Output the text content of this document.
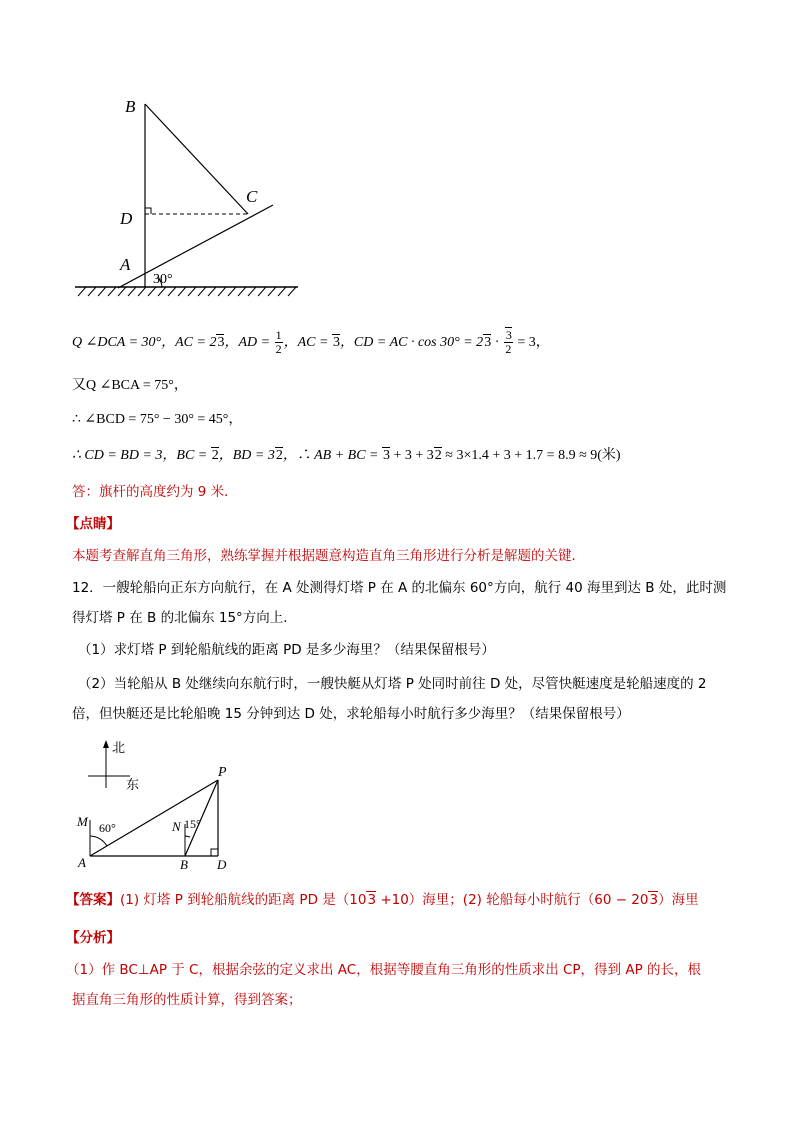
B
C
D
A
30°
Q ∠DCA = 30°，AC = 23，AD = $\frac{1}{2}$ ，AC = 3，CD = AC · $\cos 30^\circ = 23 \cdot \frac{3}{2} = 3$，
又Q ∠BCA = 75°，
∴ ∠BCD = 75° − 30° = 45°，
∴ CD = BD = 3，BC = 2，BD = 32，∴ AB + BC = 3 + 3 + 32 ≈ 3×1.4 + 3 + 1.7 = 8.9 ≈ 9(米)
答：旗杆的高度约为 9 米．
【点睛】
本题考查解直角三角形，熟练掌握并根据题意构造直角三角形进行分析是解题的关键．
12．一艘轮船向正东方向航行，在 A 处测得灯塔 P 在 A 的北偏东 60°方向，航行 40 海里到达 B 处，此时测
得灯塔 P 在 B 的北偏东 15°方向上．
（1）求灯塔 P 到轮船航线的距离 PD 是多少海里？（结果保留根号）
（2）当轮船从 B 处继续向东航行时，一艘快艇从灯塔 P 处同时前往 D 处，尽管快艇速度是轮船速度的 2
倍，但快艇还是比轮船晚 15 分钟到达 D 处，求轮船每小时航行多少海里？（结果保留根号）
北
东
P
M	N
A	B D
60°	15°
【答案】(1) 灯塔 P 到轮船航线的距离 PD 是（103 +10）海里；(2) 轮船每小时航行（60 − 203）海里
【分析】
（1）作 BC⊥AP 于 C，根据余弦的定义求出 AC，根据等腰直角三角形的性质求出 CP，得到 AP 的长，根
据直角三角形的性质计算，得到答案；
